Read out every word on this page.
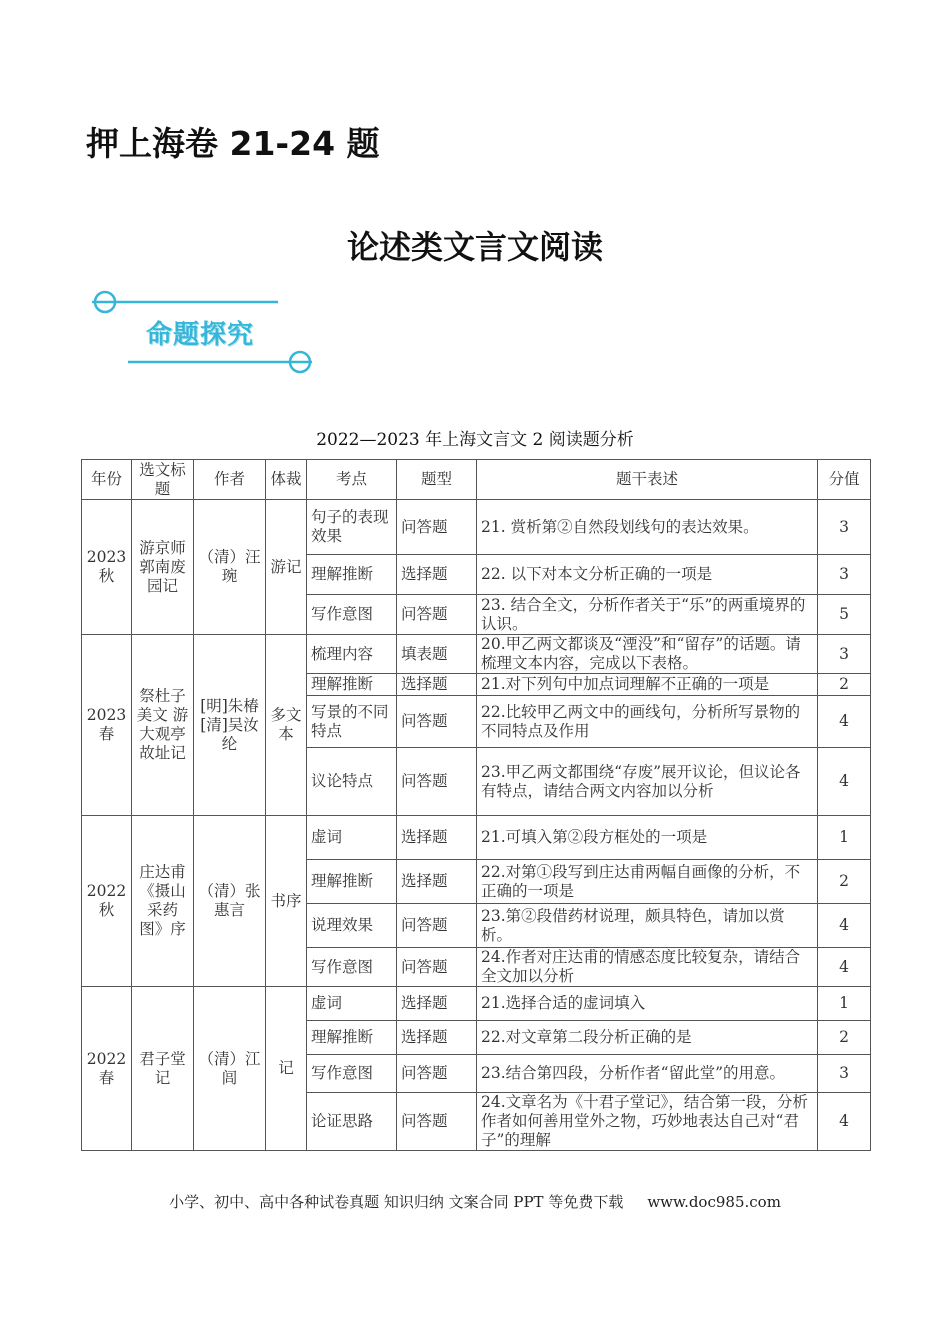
押上海卷 21-24 题
论述类文言文阅读
命题探究
2022—2023 年上海文言文 2 阅读题分析
年份	选文标题	作者	体裁	考点	题型	题干表述	分值
2023 秋	游京师郭南废园记	（清）汪琬	游记	句子的表现效果	问答题	21. 赏析第②自然段划线句的表达效果。	3
				理解推断	选择题	22. 以下对本文分析正确的一项是	3
				写作意图	问答题	23. 结合全文，分析作者关于“乐”的两重境界的认识。	5
2023 春	祭杜子美文 游大观亭故址记	[明]朱椿 [清]吴汝纶	多文本	梳理内容	填表题	20.甲乙两文都谈及“湮没”和“留存”的话题。请梳理文本内容，完成以下表格。	3
				理解推断	选择题	21.对下列句中加点词理解不正确的一项是	2
				写景的不同特点	问答题	22.比较甲乙两文中的画线句，分析所写景物的不同特点及作用	4
				议论特点	问答题	23.甲乙两文都围绕“存废”展开议论，但议论各有特点，请结合两文内容加以分析	4
2022 秋	庄达甫《摄山采药图》序	（清）张惠言	书序	虚词	选择题	21.可填入第②段方框处的一项是	1
				理解推断	选择题	22.对第①段写到庄达甫两幅自画像的分析，不正确的一项是	2
				说理效果	问答题	23.第②段借药材说理，颇具特色，请加以赏析。	4
				写作意图	问答题	24.作者对庄达甫的情感态度比较复杂，请结合全文加以分析	4
2022 春	君子堂记	（清）江闾	记	虚词	选择题	21.选择合适的虚词填入	1
				理解推断	选择题	22.对文章第二段分析正确的是	2
				写作意图	问答题	23.结合第四段，分析作者“留此堂”的用意。	3
				论证思路	问答题	24.文章名为《十君子堂记》，结合第一段，分析作者如何善用堂外之物，巧妙地表达自己对“君子”的理解	4
小学、初中、高中各种试卷真题 知识归纳 文案合同 PPT 等免费下载 www.doc985.com
